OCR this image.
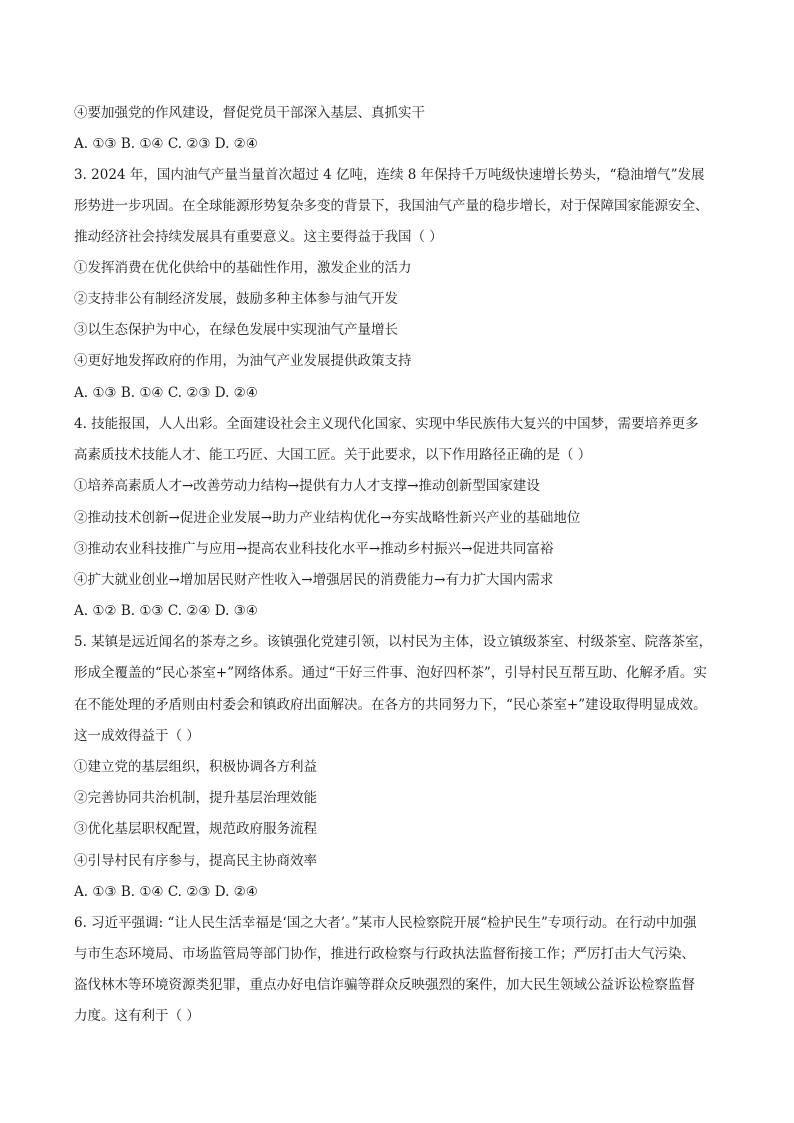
④要加强党的作风建设，督促党员干部深入基层、真抓实干
A. ①③ B. ①④ C. ②③ D. ②④
3. 2024 年，国内油气产量当量首次超过 4 亿吨，连续 8 年保持千万吨级快速增长势头，“稳油增气”发展
形势进一步巩固。在全球能源形势复杂多变的背景下，我国油气产量的稳步增长，对于保障国家能源安全、
推动经济社会持续发展具有重要意义。这主要得益于我国（ ）
①发挥消费在优化供给中的基础性作用，激发企业的活力
②支持非公有制经济发展，鼓励多种主体参与油气开发
③以生态保护为中心，在绿色发展中实现油气产量增长
④更好地发挥政府的作用，为油气产业发展提供政策支持
A. ①③ B. ①④ C. ②③ D. ②④
4. 技能报国，人人出彩。全面建设社会主义现代化国家、实现中华民族伟大复兴的中国梦，需要培养更多
高素质技术技能人才、能工巧匠、大国工匠。关于此要求，以下作用路径正确的是（ ）
①培养高素质人才→改善劳动力结构→提供有力人才支撑→推动创新型国家建设
②推动技术创新→促进企业发展→助力产业结构优化→夯实战略性新兴产业的基础地位
③推动农业科技推广与应用→提高农业科技化水平→推动乡村振兴→促进共同富裕
④扩大就业创业→增加居民财产性收入→增强居民的消费能力→有力扩大国内需求
A. ①② B. ①③ C. ②④ D. ③④
5. 某镇是远近闻名的茶寿之乡。该镇强化党建引领，以村民为主体，设立镇级茶室、村级茶室、院落茶室，
形成全覆盖的“民心茶室+”网络体系。通过“干好三件事、泡好四杯茶”，引导村民互帮互助、化解矛盾。实
在不能处理的矛盾则由村委会和镇政府出面解决。在各方的共同努力下，“民心茶室+”建设取得明显成效。
这一成效得益于（ ）
①建立党的基层组织，积极协调各方利益
②完善协同共治机制，提升基层治理效能
③优化基层职权配置，规范政府服务流程
④引导村民有序参与，提高民主协商效率
A. ①③ B. ①④ C. ②③ D. ②④
6. 习近平强调: “让人民生活幸福是‘国之大者’。”某市人民检察院开展“检护民生”专项行动。在行动中加强
与市生态环境局、市场监管局等部门协作，推进行政检察与行政执法监督衔接工作；严厉打击大气污染、
盗伐林木等环境资源类犯罪，重点办好电信诈骗等群众反映强烈的案件，加大民生领域公益诉讼检察监督
力度。这有利于（ ）
